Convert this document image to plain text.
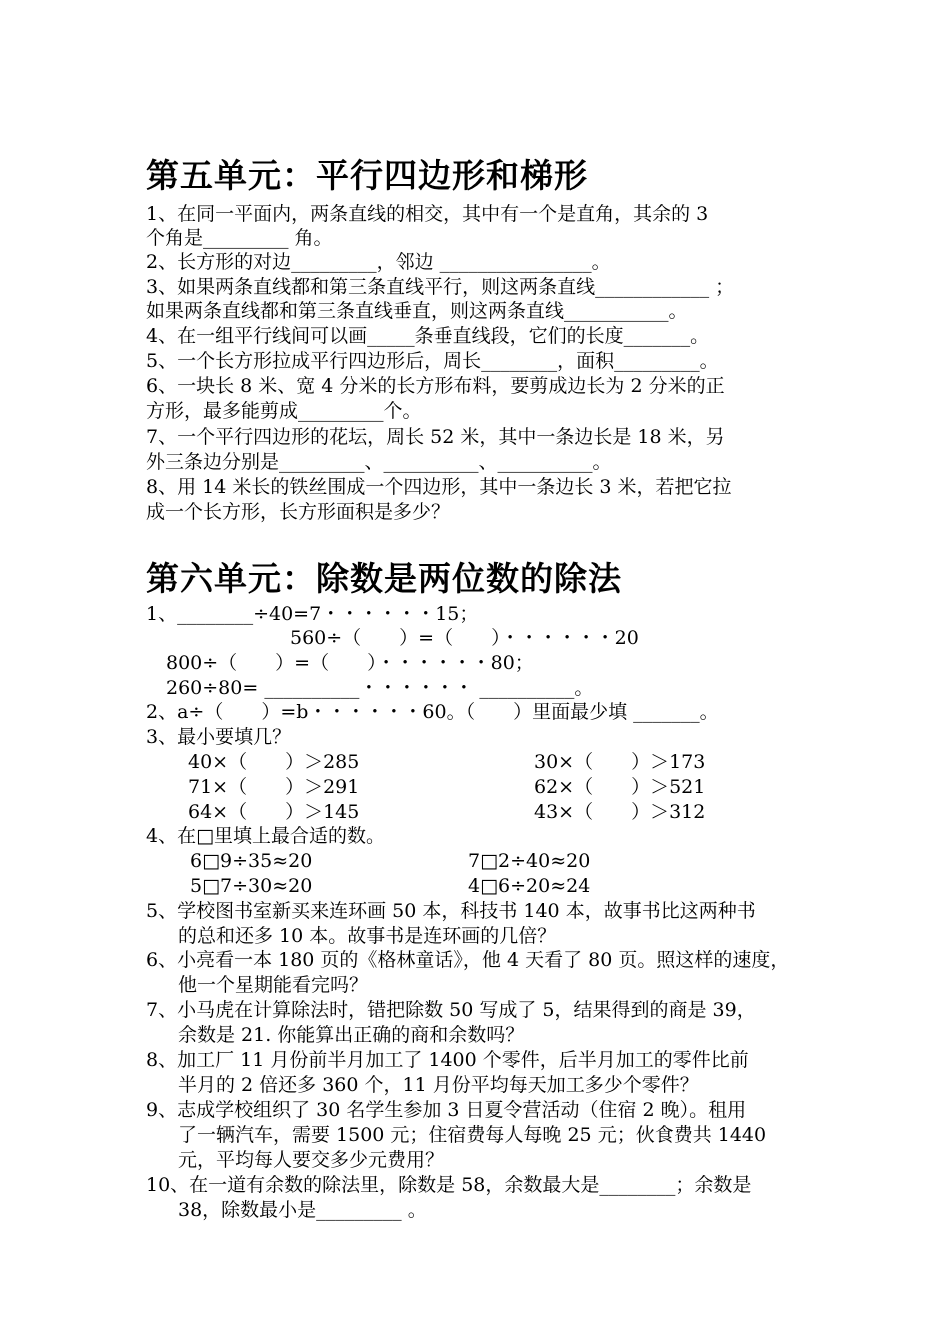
第五单元：平行四边形和梯形
1、在同一平面内，两条直线的相交，其中有一个是直角，其余的 3
个角是_________ 角。
2、长方形的对边_________，邻边 ________________。
3、如果两条直线都和第三条直线平行，则这两条直线____________ ；
如果两条直线都和第三条直线垂直，则这两条直线___________。
4、在一组平行线间可以画_____条垂直线段，它们的长度_______。
5、一个长方形拉成平行四边形后，周长________，面积_________。
6、一块长 8 米、宽 4 分米的长方形布料，要剪成边长为 2 分米的正
方形，最多能剪成_________个。
7、一个平行四边形的花坛，周长 52 米，其中一条边长是 18 米，另
外三条边分别是_________、__________、__________。
8、用 14 米长的铁丝围成一个四边形，其中一条边长 3 米，若把它拉
成一个长方形，长方形面积是多少？
第六单元：除数是两位数的除法
1、________÷40=7・・・・・・15；
560÷（　　）=（　　）・・・・・・20
800÷（　　）=（　　）・・・・・・80；
260÷80= __________・・・・・・ __________。
2、a÷（　　）=b・・・・・・60。（　　）里面最少填 _______。
3、最小要填几？
40×（　　）＞285	30×（　　）＞173
71×（　　）＞291	62×（　　）＞521
64×（　　）＞145	43×（　　）＞312
4、在□里填上最合适的数。
6□9÷35≈20	7□2÷40≈20
5□7÷30≈20	4□6÷20≈24
5、学校图书室新买来连环画 50 本，科技书 140 本，故事书比这两种书
的总和还多 10 本。故事书是连环画的几倍？
6、小亮看一本 180 页的《格林童话》，他 4 天看了 80 页。照这样的速度，
他一个星期能看完吗？
7、小马虎在计算除法时，错把除数 50 写成了 5，结果得到的商是 39，
余数是 21. 你能算出正确的商和余数吗？
8、加工厂 11 月份前半月加工了 1400 个零件，后半月加工的零件比前
半月的 2 倍还多 360 个，11 月份平均每天加工多少个零件？
9、志成学校组织了 30 名学生参加 3 日夏令营活动（住宿 2 晚）。租用
了一辆汽车，需要 1500 元；住宿费每人每晚 25 元；伙食费共 1440
元，平均每人要交多少元费用？
10、在一道有余数的除法里，除数是 58，余数最大是________；余数是
38，除数最小是_________ 。
